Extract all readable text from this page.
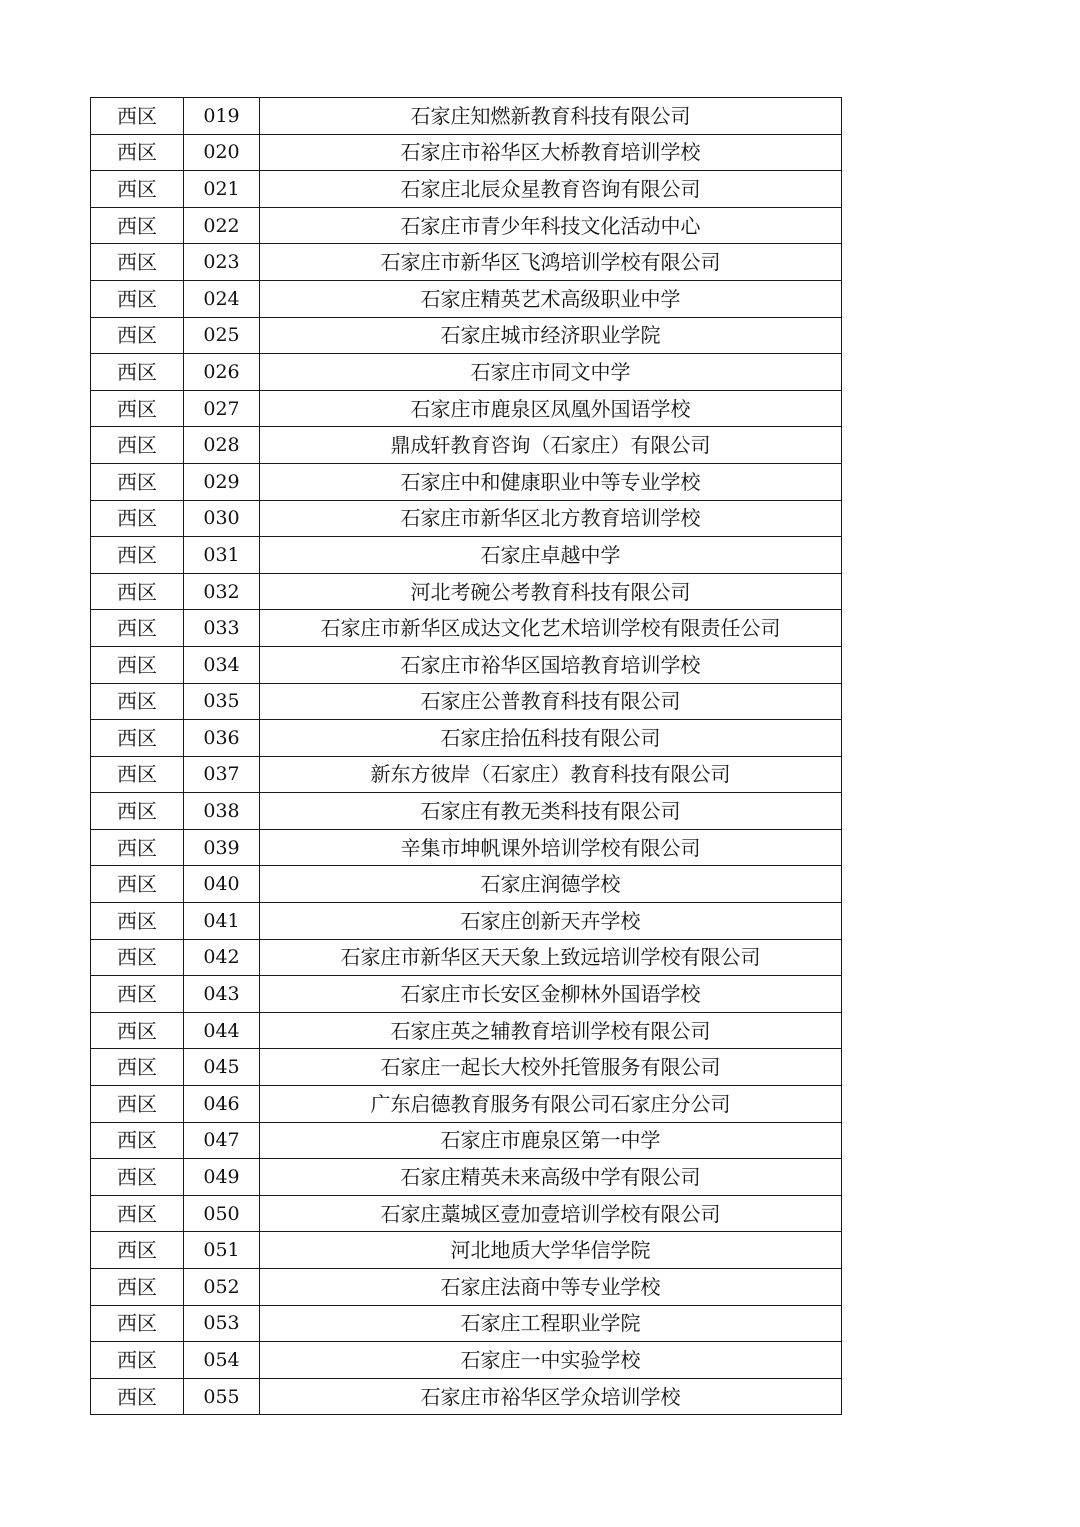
西区	019	石家庄知燃新教育科技有限公司
西区	020	石家庄市裕华区大桥教育培训学校
西区	021	石家庄北辰众星教育咨询有限公司
西区	022	石家庄市青少年科技文化活动中心
西区	023	石家庄市新华区飞鸿培训学校有限公司
西区	024	石家庄精英艺术高级职业中学
西区	025	石家庄城市经济职业学院
西区	026	石家庄市同文中学
西区	027	石家庄市鹿泉区凤凰外国语学校
西区	028	鼎成轩教育咨询（石家庄）有限公司
西区	029	石家庄中和健康职业中等专业学校
西区	030	石家庄市新华区北方教育培训学校
西区	031	石家庄卓越中学
西区	032	河北考碗公考教育科技有限公司
西区	033	石家庄市新华区成达文化艺术培训学校有限责任公司
西区	034	石家庄市裕华区国培教育培训学校
西区	035	石家庄公普教育科技有限公司
西区	036	石家庄拾伍科技有限公司
西区	037	新东方彼岸（石家庄）教育科技有限公司
西区	038	石家庄有教无类科技有限公司
西区	039	辛集市坤帆课外培训学校有限公司
西区	040	石家庄润德学校
西区	041	石家庄创新天卉学校
西区	042	石家庄市新华区天天象上致远培训学校有限公司
西区	043	石家庄市长安区金柳林外国语学校
西区	044	石家庄英之辅教育培训学校有限公司
西区	045	石家庄一起长大校外托管服务有限公司
西区	046	广东启德教育服务有限公司石家庄分公司
西区	047	石家庄市鹿泉区第一中学
西区	049	石家庄精英未来高级中学有限公司
西区	050	石家庄藁城区壹加壹培训学校有限公司
西区	051	河北地质大学华信学院
西区	052	石家庄法商中等专业学校
西区	053	石家庄工程职业学院
西区	054	石家庄一中实验学校
西区	055	石家庄市裕华区学众培训学校
